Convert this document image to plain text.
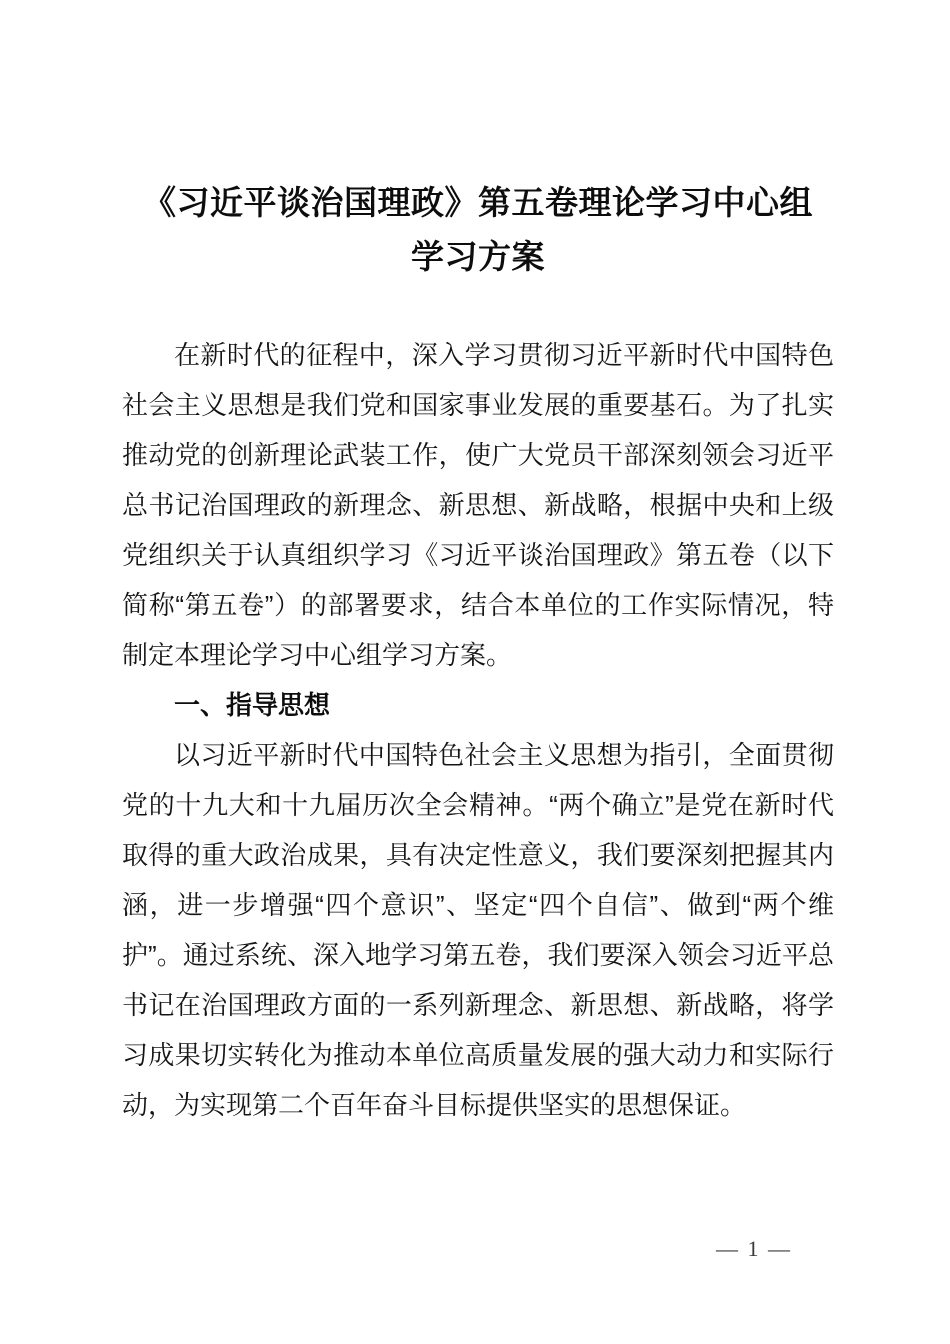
《习近平谈治国理政》第五卷理论学习中心组
学习方案

在新时代的征程中，深入学习贯彻习近平新时代中国特色社会主义思想是我们党和国家事业发展的重要基石。为了扎实推动党的创新理论武装工作，使广大党员干部深刻领会习近平总书记治国理政的新理念、新思想、新战略，根据中央和上级党组织关于认真组织学习《习近平谈治国理政》第五卷（以下简称“第五卷”）的部署要求，结合本单位的工作实际情况，特制定本理论学习中心组学习方案。

一、指导思想

以习近平新时代中国特色社会主义思想为指引，全面贯彻党的十九大和十九届历次全会精神。“两个确立”是党在新时代取得的重大政治成果，具有决定性意义，我们要深刻把握其内涵，进一步增强“四个意识”、坚定“四个自信”、做到“两个维护”。通过系统、深入地学习第五卷，我们要深入领会习近平总书记在治国理政方面的一系列新理念、新思想、新战略，将学习成果切实转化为推动本单位高质量发展的强大动力和实际行动，为实现第二个百年奋斗目标提供坚实的思想保证。

— 1 —
